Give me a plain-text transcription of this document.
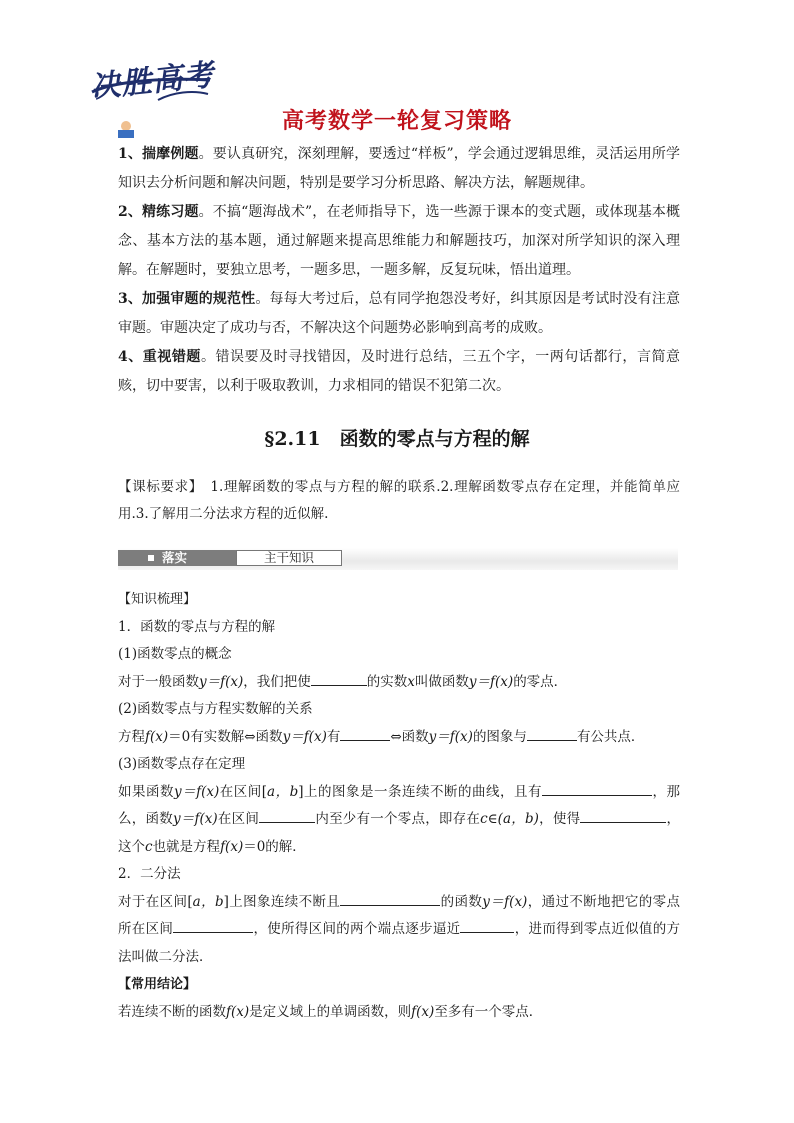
决胜高考
高考数学一轮复习策略

1、揣摩例题。要认真研究，深刻理解，要透过“样板”，学会通过逻辑思维，灵活运用所学知识去分析问题和解决问题，特别是要学习分析思路、解决方法，解题规律。

2、精练习题。不搞“题海战术”，在老师指导下，选一些源于课本的变式题，或体现基本概念、基本方法的基本题，通过解题来提高思维能力和解题技巧，加深对所学知识的深入理解。在解题时，要独立思考，一题多思，一题多解，反复玩味，悟出道理。

3、加强审题的规范性。每每大考过后，总有同学抱怨没考好，纠其原因是考试时没有注意审题。审题决定了成功与否，不解决这个问题势必影响到高考的成败。

4、重视错题。错误要及时寻找错因，及时进行总结，三五个字，一两句话都行，言简意赅，切中要害，以利于吸取教训，力求相同的错误不犯第二次。

§2.11　函数的零点与方程的解

【课标要求】　1.理解函数的零点与方程的解的联系.2.理解函数零点存在定理，并能简单应用.3.了解用二分法求方程的近似解.

落实	主干知识

【知识梳理】

1．函数的零点与方程的解

(1)函数零点的概念

对于一般函数y＝f(x)，我们把使	的实数x叫做函数y＝f(x)的零点．

(2)函数零点与方程实数解的关系

方程f(x)＝0有实数解⇔函数y＝f(x)有	⇔函数y＝f(x)的图象与	有公共点．

(3)函数零点存在定理

如果函数y＝f(x)在区间[a，b]上的图象是一条连续不断的曲线，且有	，那么，函数y＝f(x)在区间	内至少有一个零点，即存在c∈(a，b)，使得	，这个c也就是方程f(x)＝0的解．

2．二分法

对于在区间[a，b]上图象连续不断且	的函数y＝f(x)，通过不断地把它的零点所在区间	，使所得区间的两个端点逐步逼近	，进而得到零点近似值的方法叫做二分法．

【常用结论】

若连续不断的函数f(x)是定义域上的单调函数，则f(x)至多有一个零点．
